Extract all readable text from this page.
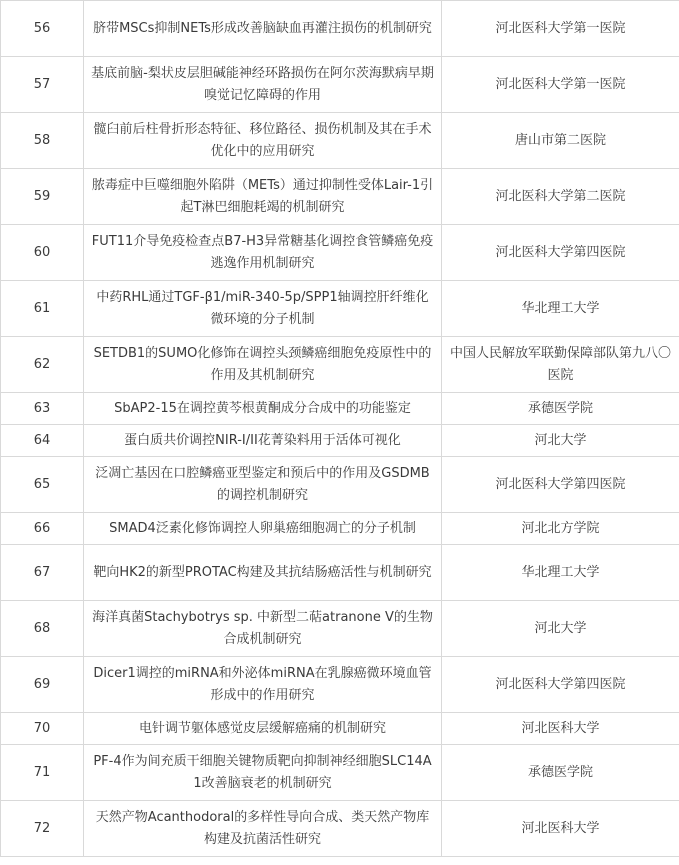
56	脐带MSCs抑制NETs形成改善脑缺血再灌注损伤的机制研究	河北医科大学第一医院
57	基底前脑-梨状皮层胆碱能神经环路损伤在阿尔茨海默病早期嗅觉记忆障碍的作用	河北医科大学第一医院
58	髋臼前后柱骨折形态特征、移位路径、损伤机制及其在手术优化中的应用研究	唐山市第二医院
59	脓毒症中巨噬细胞外陷阱（METs）通过抑制性受体Lair-1引起T淋巴细胞耗竭的机制研究	河北医科大学第二医院
60	FUT11介导免疫检查点B7-H3异常糖基化调控食管鳞癌免疫逃逸作用机制研究	河北医科大学第四医院
61	中药RHL通过TGF-β1/miR-340-5p/SPP1轴调控肝纤维化微环境的分子机制	华北理工大学
62	SETDB1的SUMO化修饰在调控头颈鳞癌细胞免疫原性中的作用及其机制研究	中国人民解放军联勤保障部队第九八〇医院
63	SbAP2-15在调控黄芩根黄酮成分合成中的功能鉴定	承德医学院
64	蛋白质共价调控NIR-I/II花菁染料用于活体可视化	河北大学
65	泛凋亡基因在口腔鳞癌亚型鉴定和预后中的作用及GSDMB的调控机制研究	河北医科大学第四医院
66	SMAD4泛素化修饰调控人卵巢癌细胞凋亡的分子机制	河北北方学院
67	靶向HK2的新型PROTAC构建及其抗结肠癌活性与机制研究	华北理工大学
68	海洋真菌Stachybotrys sp. 中新型二萜atranone V的生物合成机制研究	河北大学
69	Dicer1调控的miRNA和外泌体miRNA在乳腺癌微环境血管形成中的作用研究	河北医科大学第四医院
70	电针调节躯体感觉皮层缓解癌痛的机制研究	河北医科大学
71	PF-4作为间充质干细胞关键物质靶向抑制神经细胞SLC14A1改善脑衰老的机制研究	承德医学院
72	天然产物Acanthodoral的多样性导向合成、类天然产物库构建及抗菌活性研究	河北医科大学
